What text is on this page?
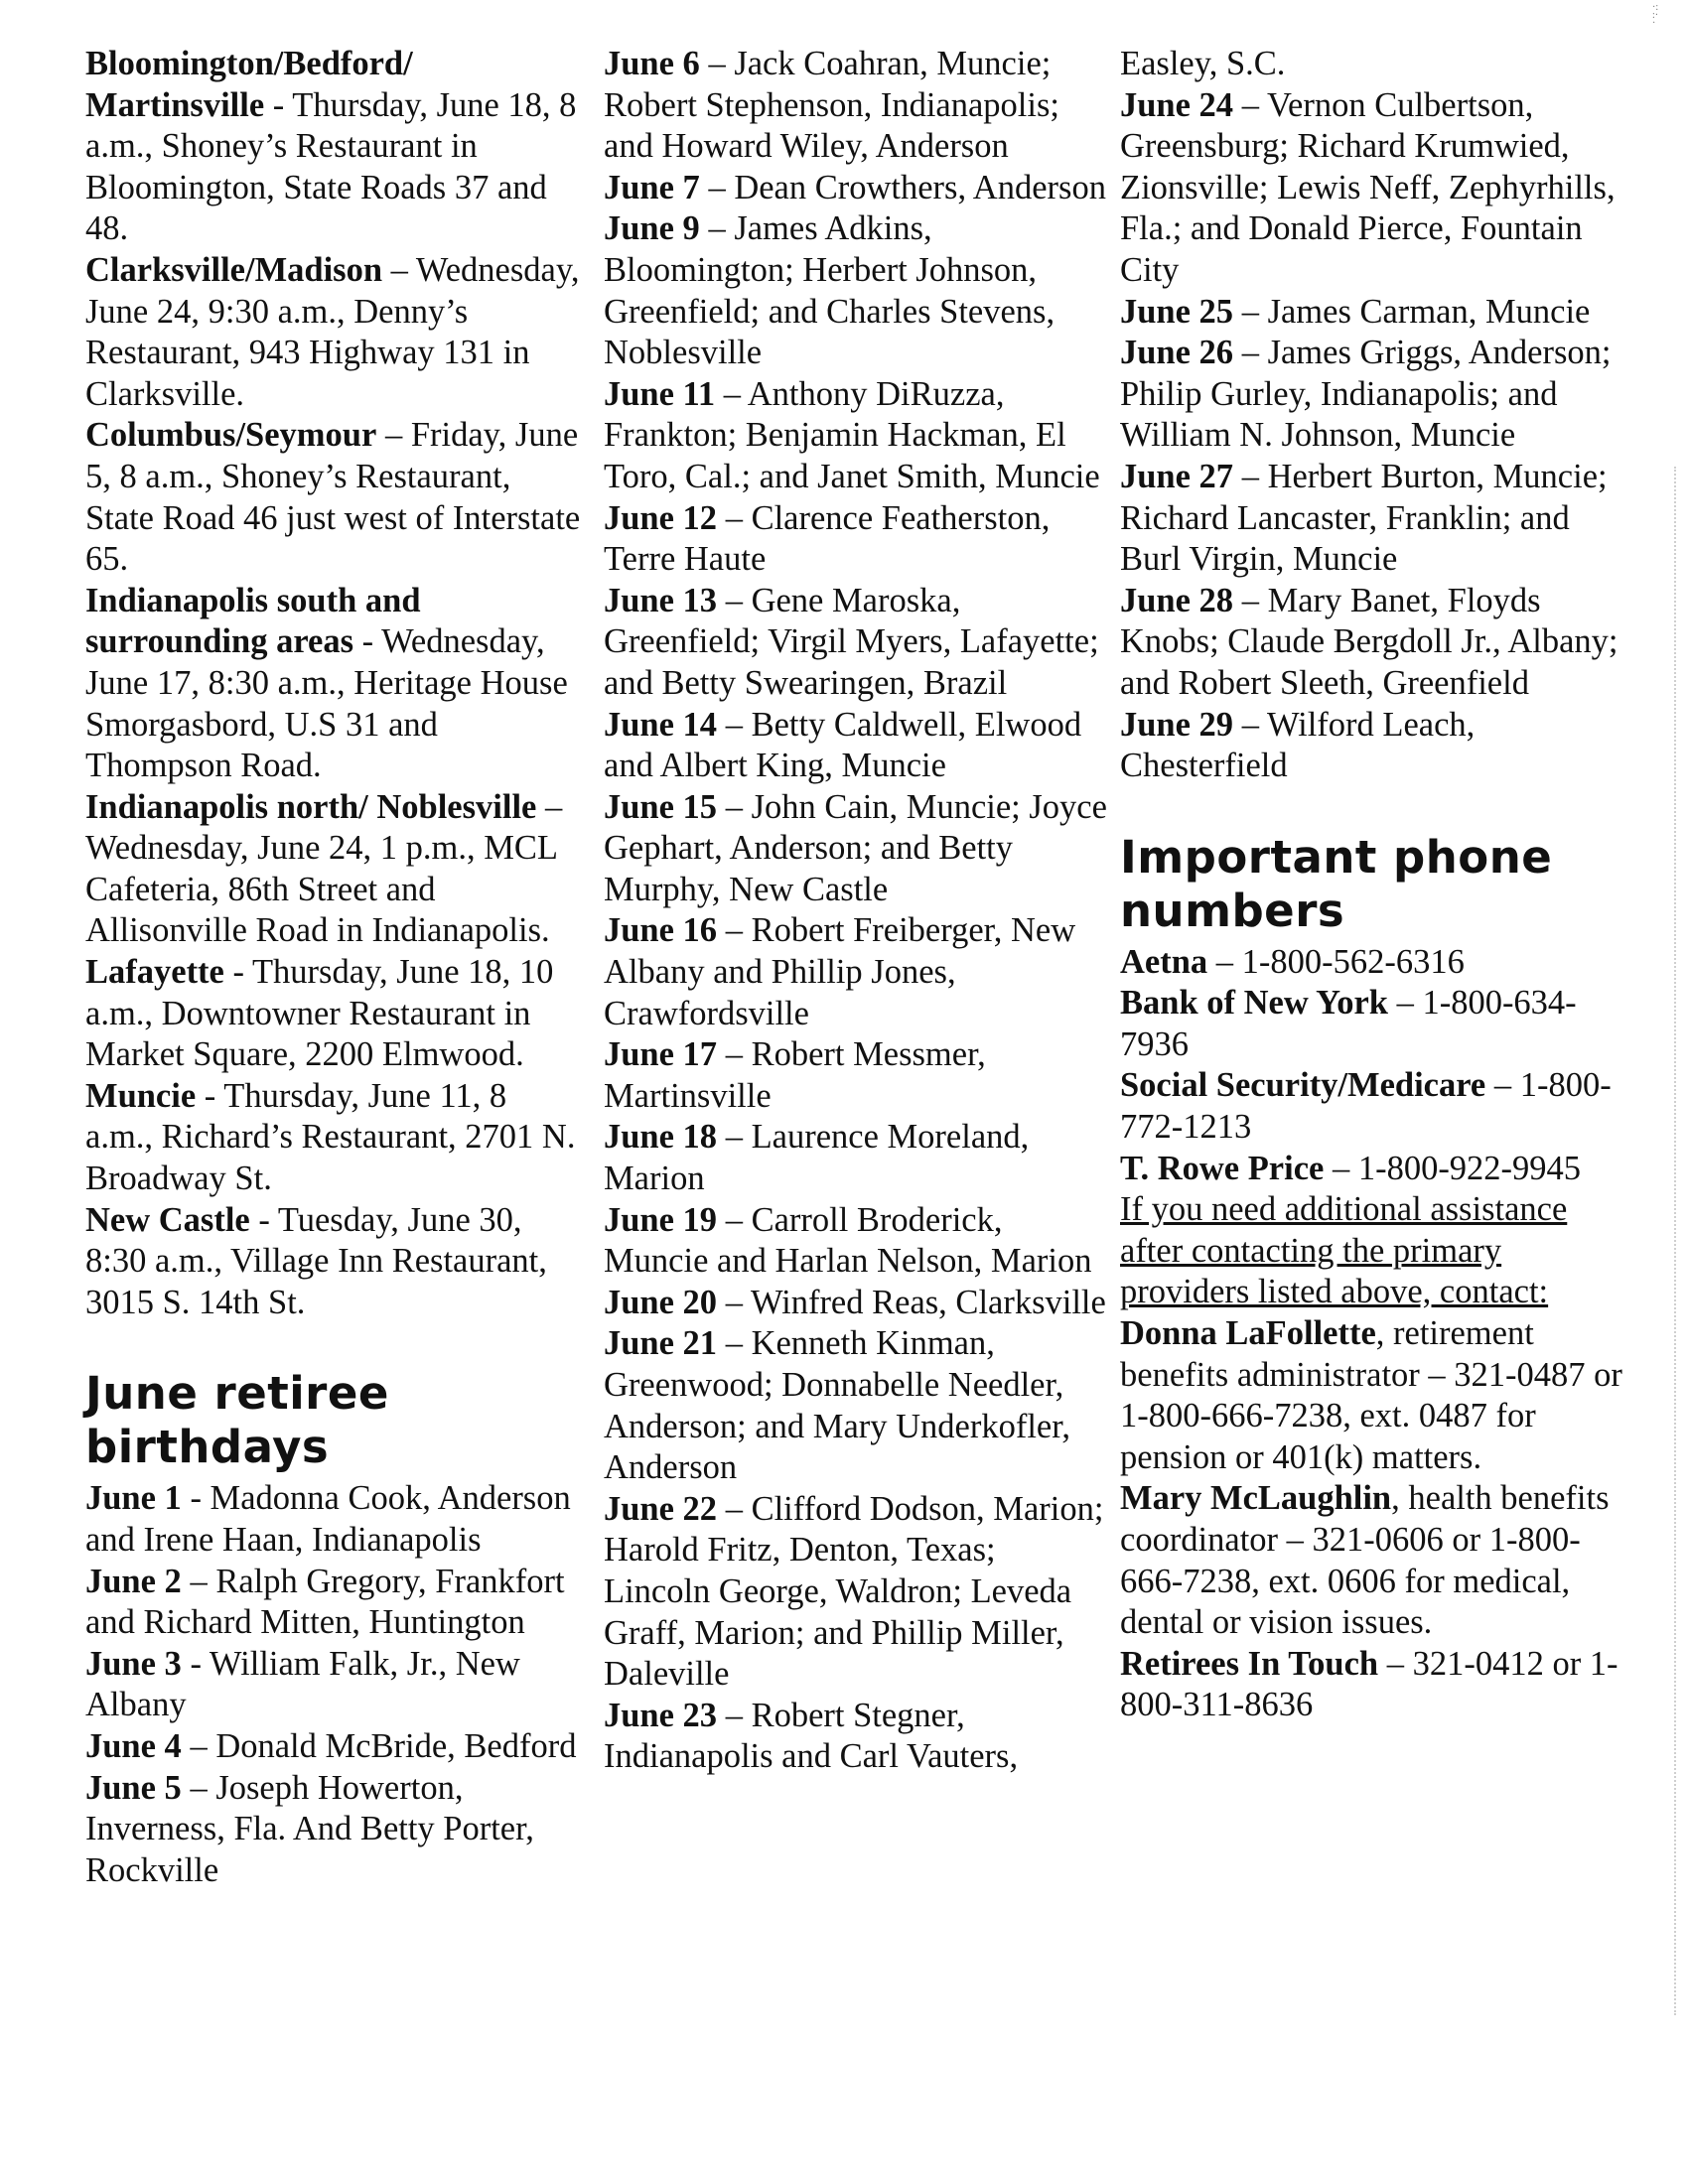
·:
:·
·

Bloomington/Bedford/ Martinsville - Thursday, June 18, 8 a.m., Shoney’s Restaurant in Bloomington, State Roads 37 and 48.

Clarksville/Madison – Wednesday, June 24, 9:30 a.m., Denny’s Restaurant, 943 Highway 131 in Clarksville.

Columbus/Seymour – Friday, June 5, 8 a.m., Shoney’s Restaurant, State Road 46 just west of Interstate 65.

Indianapolis south and surrounding areas - Wednesday, June 17, 8:30 a.m., Heritage House Smorgasbord, U.S 31 and Thompson Road.

Indianapolis north/ Noblesville – Wednesday, June 24, 1 p.m., MCL Cafeteria, 86th Street and Allisonville Road in Indianapolis.

Lafayette - Thursday, June 18, 10 a.m., Downtowner Restaurant in Market Square, 2200 Elmwood.

Muncie - Thursday, June 11, 8 a.m., Richard’s Restaurant, 2701 N. Broadway St.

New Castle - Tuesday, June 30, 8:30 a.m., Village Inn Restaurant, 3015 S. 14th St.

June retiree birthdays

June 1 - Madonna Cook, Anderson and Irene Haan, Indianapolis

June 2 – Ralph Gregory, Frankfort and Richard Mitten, Huntington

June 3 - William Falk, Jr., New Albany

June 4 – Donald McBride, Bedford

June 5 – Joseph Howerton, Inverness, Fla. And Betty Porter, Rockville

June 6 – Jack Coahran, Muncie; Robert Stephenson, Indianapolis; and Howard Wiley, Anderson

June 7 – Dean Crowthers, Anderson

June 9 – James Adkins, Bloomington; Herbert Johnson, Greenfield; and Charles Stevens, Noblesville

June 11 – Anthony DiRuzza, Frankton; Benjamin Hackman, El Toro, Cal.; and Janet Smith, Muncie

June 12 – Clarence Featherston, Terre Haute

June 13 – Gene Maroska, Greenfield; Virgil Myers, Lafayette; and Betty Swearingen, Brazil

June 14 – Betty Caldwell, Elwood and Albert King, Muncie

June 15 – John Cain, Muncie; Joyce Gephart, Anderson; and Betty Murphy, New Castle

June 16 – Robert Freiberger, New Albany and Phillip Jones, Crawfordsville

June 17 – Robert Messmer, Martinsville

June 18 – Laurence Moreland, Marion

June 19 – Carroll Broderick, Muncie and Harlan Nelson, Marion

June 20 – Winfred Reas, Clarksville

June 21 – Kenneth Kinman, Greenwood; Donnabelle Needler, Anderson; and Mary Underkofler, Anderson

June 22 – Clifford Dodson, Marion; Harold Fritz, Denton, Texas; Lincoln George, Waldron; Leveda Graff, Marion; and Phillip Miller, Daleville

June 23 – Robert Stegner, Indianapolis and Carl Vauters,

Easley, S.C.

June 24 – Vernon Culbertson, Greensburg; Richard Krumwied, Zionsville; Lewis Neff, Zephyrhills, Fla.; and Donald Pierce, Fountain City

June 25 – James Carman, Muncie

June 26 – James Griggs, Anderson; Philip Gurley, Indianapolis; and William N. Johnson, Muncie

June 27 – Herbert Burton, Muncie; Richard Lancaster, Franklin; and Burl Virgin, Muncie

June 28 – Mary Banet, Floyds Knobs; Claude Bergdoll Jr., Albany; and Robert Sleeth, Greenfield

June 29 – Wilford Leach, Chesterfield

Important phone numbers

Aetna – 1-800-562-6316

Bank of New York – 1-800-634-7936

Social Security/Medicare – 1-800-772-1213

T. Rowe Price – 1-800-922-9945

If you need additional assistance after contacting the primary providers listed above, contact:

Donna LaFollette, retirement benefits administrator – 321-0487 or 1-800-666-7238, ext. 0487 for pension or 401(k) matters.

Mary McLaughlin, health benefits coordinator – 321-0606 or 1-800-666-7238, ext. 0606 for medical, dental or vision issues.

Retirees In Touch – 321-0412 or 1-800-311-8636
